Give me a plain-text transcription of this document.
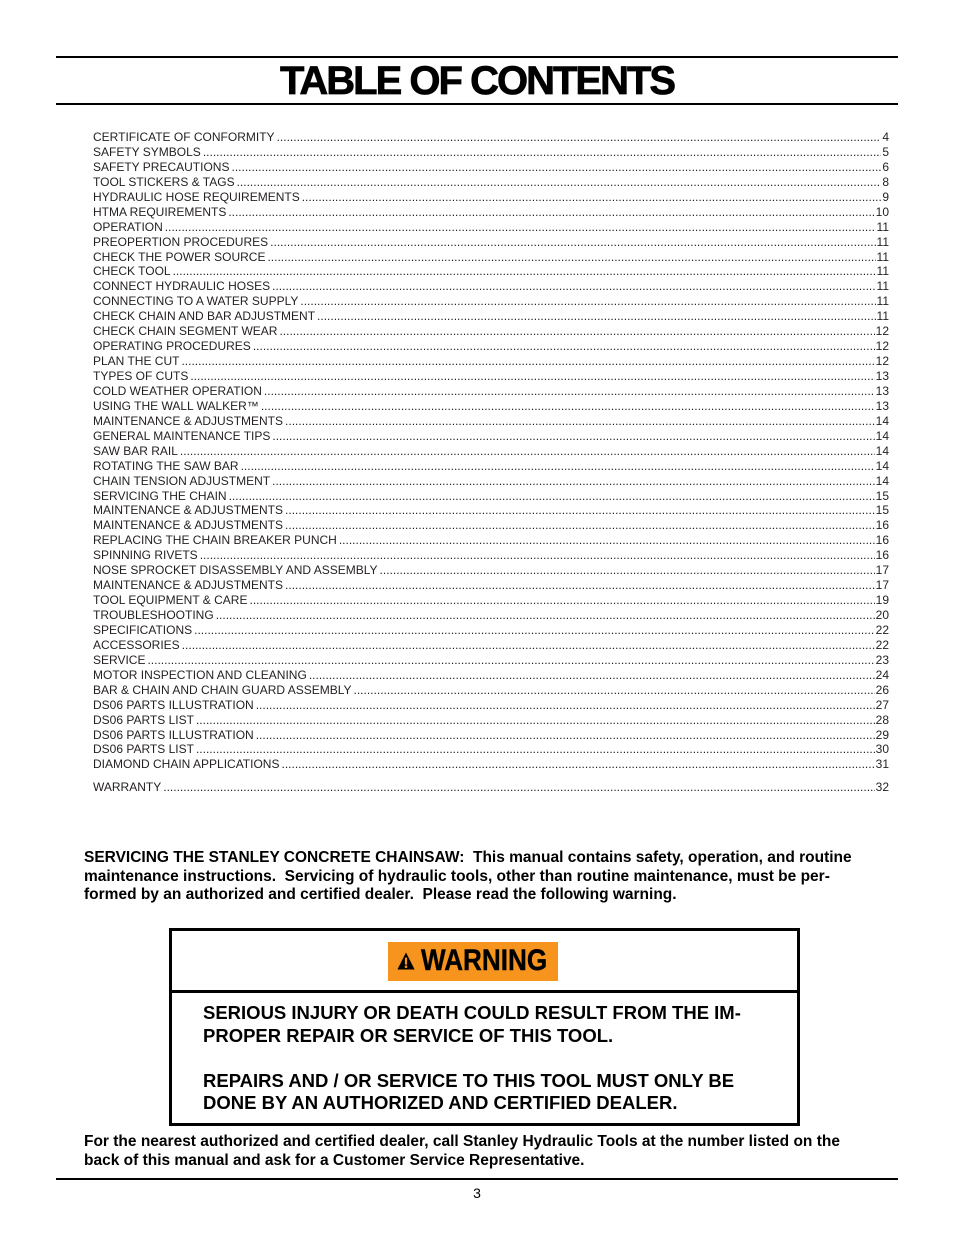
TABLE OF CONTENTS
CERTIFICATE OF CONFORMITY .....	4
SAFETY SYMBOLS .....	5
SAFETY PRECAUTIONS .....	6
TOOL STICKERS & TAGS .....	8
HYDRAULIC HOSE REQUIREMENTS .....	9
HTMA REQUIREMENTS .....	10
OPERATION .....	11
PREOPERTION PROCEDURES .....	11
CHECK THE POWER SOURCE .....	11
CHECK TOOL .....	11
CONNECT HYDRAULIC HOSES .....	11
CONNECTING TO A WATER SUPPLY .....	11
CHECK CHAIN AND BAR ADJUSTMENT .....	11
CHECK CHAIN SEGMENT WEAR .....	12
OPERATING PROCEDURES .....	12
PLAN THE CUT .....	12
TYPES OF CUTS .....	13
COLD WEATHER OPERATION .....	13
USING THE WALL WALKER™ .....	13
MAINTENANCE & ADJUSTMENTS .....	14
GENERAL MAINTENANCE TIPS .....	14
SAW BAR RAIL .....	14
ROTATING THE SAW BAR .....	14
CHAIN TENSION ADJUSTMENT .....	14
SERVICING THE CHAIN .....	15
MAINTENANCE & ADJUSTMENTS .....	15
MAINTENANCE & ADJUSTMENTS .....	16
REPLACING THE CHAIN BREAKER PUNCH .....	16
SPINNING RIVETS .....	16
NOSE SPROCKET DISASSEMBLY AND ASSEMBLY .....	17
MAINTENANCE & ADJUSTMENTS .....	17
TOOL EQUIPMENT & CARE .....	19
TROUBLESHOOTING .....	20
SPECIFICATIONS .....	22
ACCESSORIES .....	22
SERVICE .....	23
MOTOR INSPECTION AND CLEANING .....	24
BAR & CHAIN AND CHAIN GUARD ASSEMBLY .....	26
DS06 PARTS ILLUSTRATION .....	27
DS06 PARTS LIST .....	28
DS06 PARTS ILLUSTRATION .....	29
DS06 PARTS LIST .....	30
DIAMOND CHAIN APPLICATIONS .....	31
WARRANTY .....	32
SERVICING THE STANLEY CONCRETE CHAINSAW:  This manual contains safety, operation, and routine
maintenance instructions.  Servicing of hydraulic tools, other than routine maintenance, must be per-
formed by an authorized and certified dealer.  Please read the following warning.
WARNING
SERIOUS INJURY OR DEATH COULD RESULT FROM THE IM-
PROPER REPAIR OR SERVICE OF THIS TOOL.
REPAIRS AND / OR SERVICE TO THIS TOOL MUST ONLY BE
DONE BY AN AUTHORIZED AND CERTIFIED DEALER.
For the nearest authorized and certified dealer, call Stanley Hydraulic Tools at the number listed on the
back of this manual and ask for a Customer Service Representative.
3
